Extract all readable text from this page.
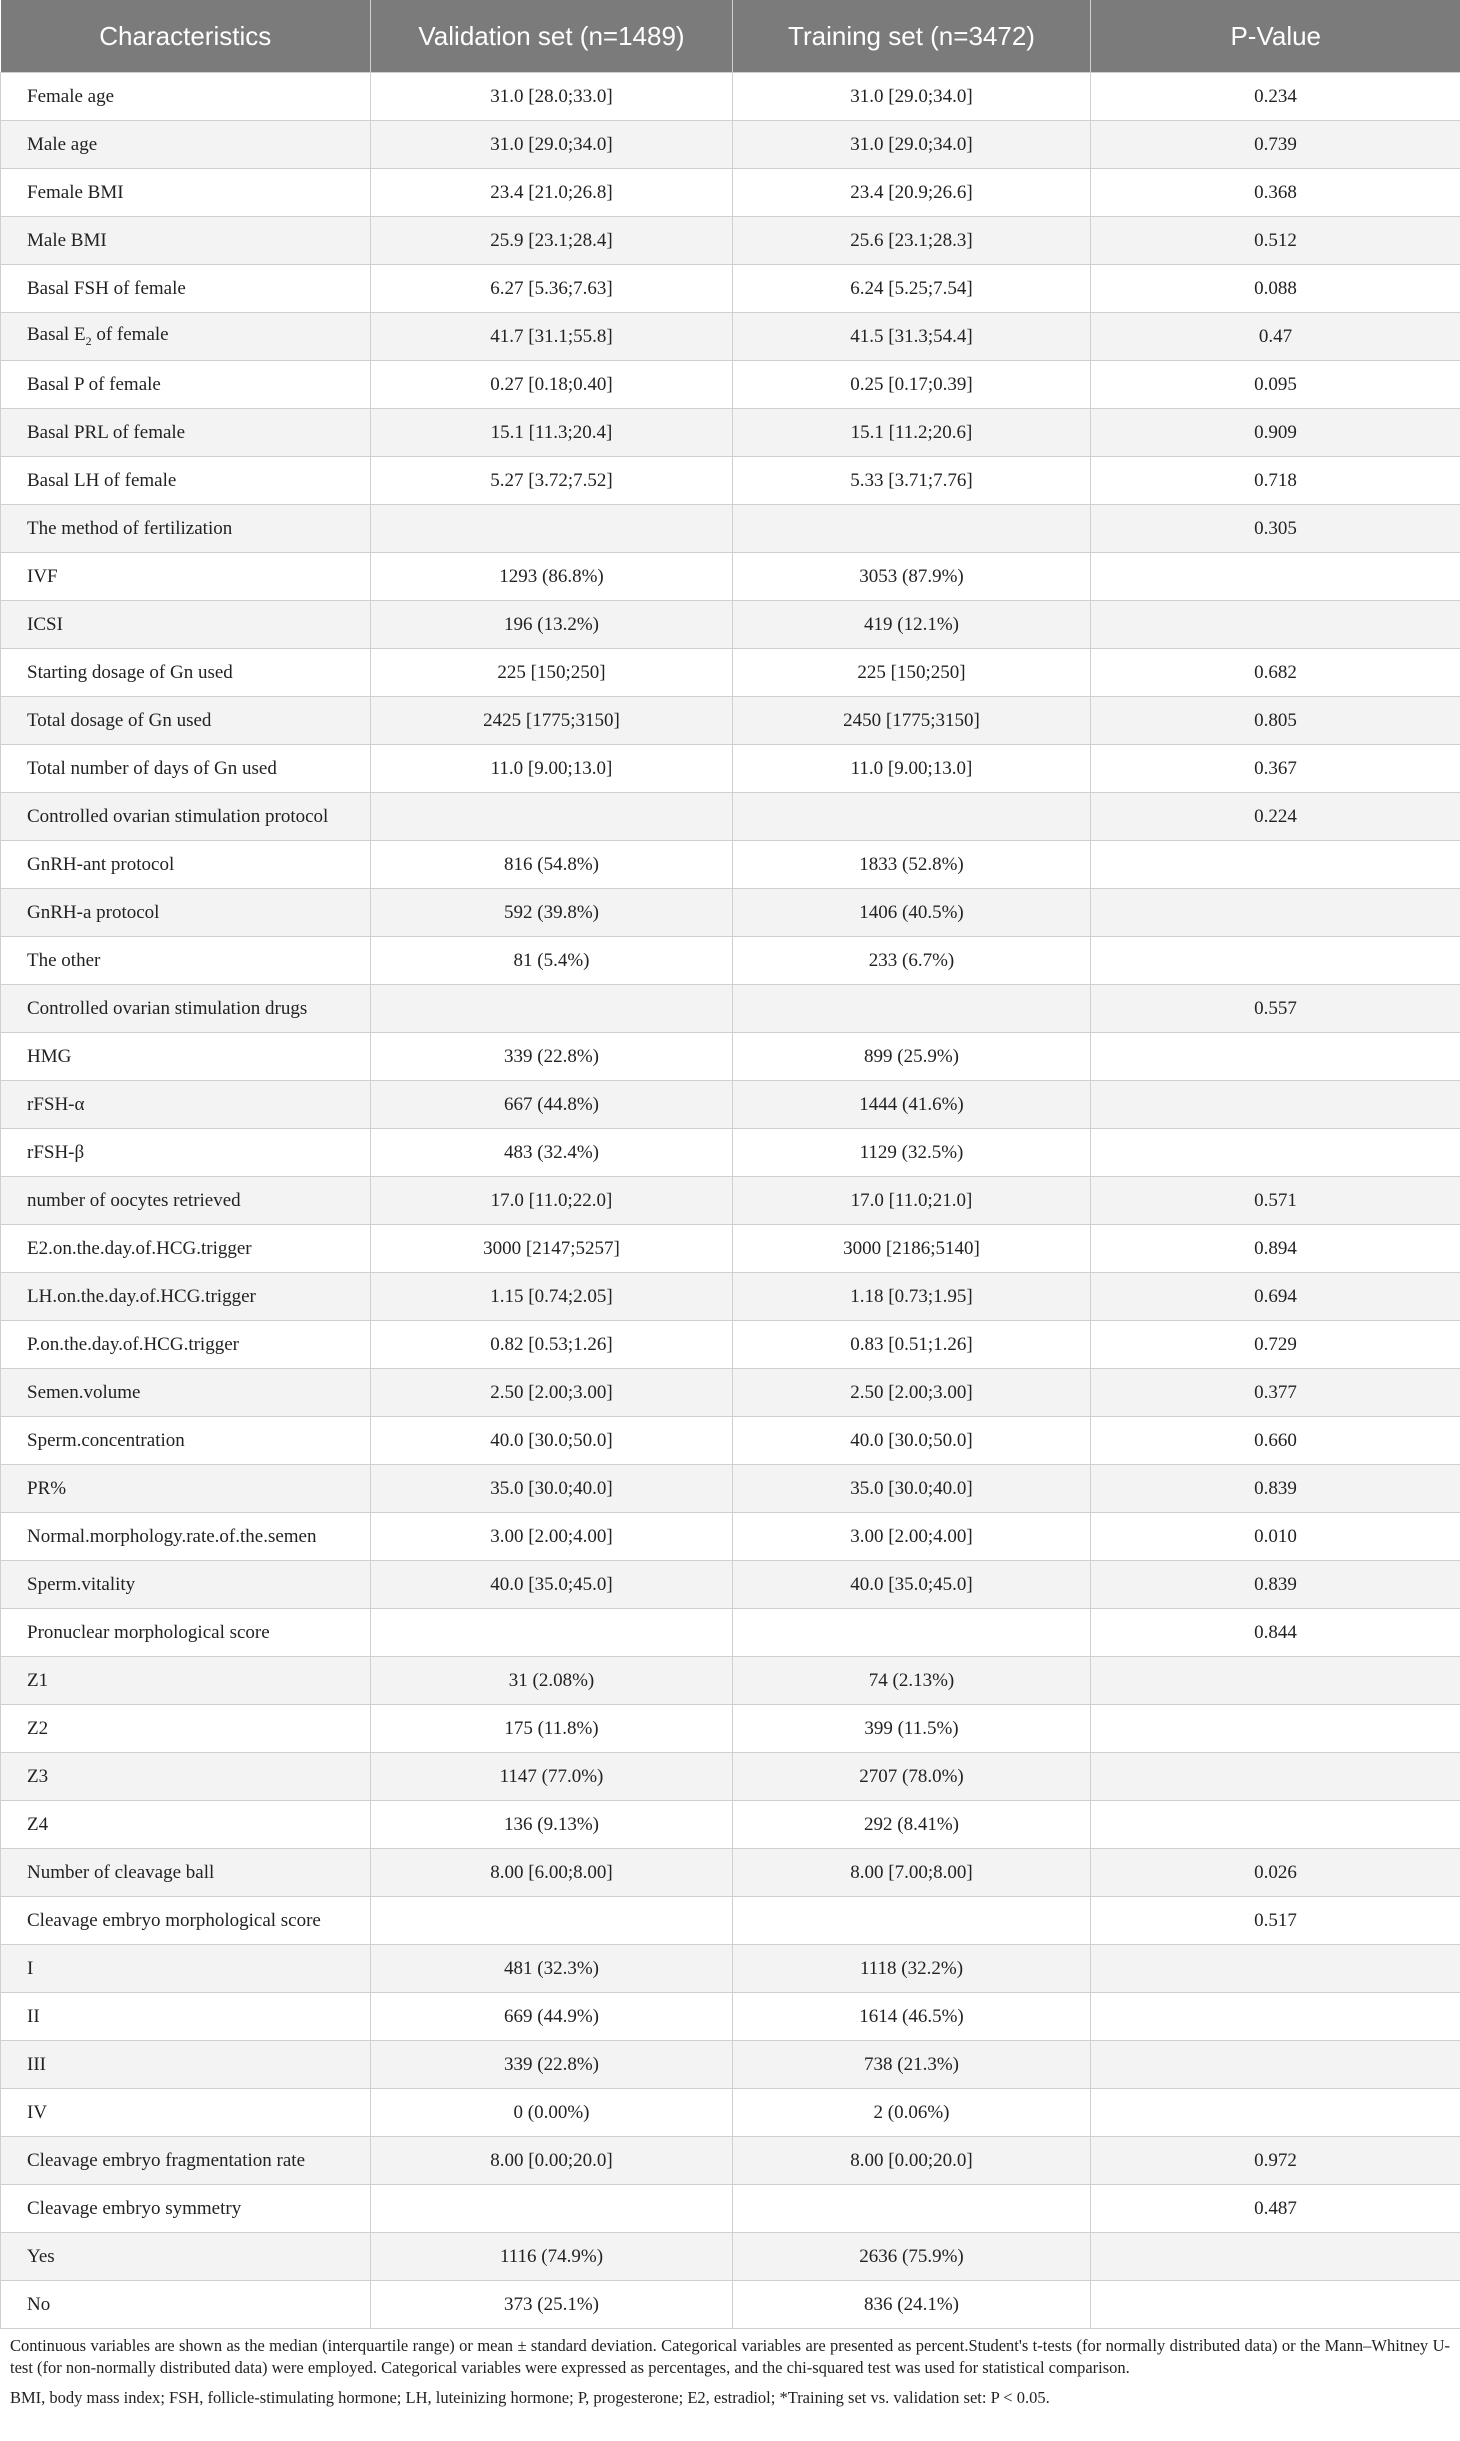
Characteristics	Validation set (n=1489)	Training set (n=3472)	P-Value
Female age	31.0 [28.0;33.0]	31.0 [29.0;34.0]	0.234
Male age	31.0 [29.0;34.0]	31.0 [29.0;34.0]	0.739
Female BMI	23.4 [21.0;26.8]	23.4 [20.9;26.6]	0.368
Male BMI	25.9 [23.1;28.4]	25.6 [23.1;28.3]	0.512
Basal FSH of female	6.27 [5.36;7.63]	6.24 [5.25;7.54]	0.088
Basal $E_2$ of female	41.7 [31.1;55.8]	41.5 [31.3;54.4]	0.47
Basal P of female	0.27 [0.18;0.40]	0.25 [0.17;0.39]	0.095
Basal PRL of female	15.1 [11.3;20.4]	15.1 [11.2;20.6]	0.909
Basal LH of female	5.27 [3.72;7.52]	5.33 [3.71;7.76]	0.718
The method of fertilization			0.305
IVF	1293 (86.8%)	3053 (87.9%)	
ICSI	196 (13.2%)	419 (12.1%)	
Starting dosage of Gn used	225 [150;250]	225 [150;250]	0.682
Total dosage of Gn used	2425 [1775;3150]	2450 [1775;3150]	0.805
Total number of days of Gn used	11.0 [9.00;13.0]	11.0 [9.00;13.0]	0.367
Controlled ovarian stimulation protocol			0.224
GnRH-ant protocol	816 (54.8%)	1833 (52.8%)	
GnRH-a protocol	592 (39.8%)	1406 (40.5%)	
The other	81 (5.4%)	233 (6.7%)	
Controlled ovarian stimulation drugs			0.557
HMG	339 (22.8%)	899 (25.9%)	
rFSH-α	667 (44.8%)	1444 (41.6%)	
rFSH-β	483 (32.4%)	1129 (32.5%)	
number of oocytes retrieved	17.0 [11.0;22.0]	17.0 [11.0;21.0]	0.571
E2.on.the.day.of.HCG.trigger	3000 [2147;5257]	3000 [2186;5140]	0.894
LH.on.the.day.of.HCG.trigger	1.15 [0.74;2.05]	1.18 [0.73;1.95]	0.694
P.on.the.day.of.HCG.trigger	0.82 [0.53;1.26]	0.83 [0.51;1.26]	0.729
Semen.volume	2.50 [2.00;3.00]	2.50 [2.00;3.00]	0.377
Sperm.concentration	40.0 [30.0;50.0]	40.0 [30.0;50.0]	0.660
PR%	35.0 [30.0;40.0]	35.0 [30.0;40.0]	0.839
Normal.morphology.rate.of.the.semen	3.00 [2.00;4.00]	3.00 [2.00;4.00]	0.010
Sperm.vitality	40.0 [35.0;45.0]	40.0 [35.0;45.0]	0.839
Pronuclear morphological score			0.844
Z1	31 (2.08%)	74 (2.13%)	
Z2	175 (11.8%)	399 (11.5%)	
Z3	1147 (77.0%)	2707 (78.0%)	
Z4	136 (9.13%)	292 (8.41%)	
Number of cleavage ball	8.00 [6.00;8.00]	8.00 [7.00;8.00]	0.026
Cleavage embryo morphological score			0.517
I	481 (32.3%)	1118 (32.2%)	
II	669 (44.9%)	1614 (46.5%)	
III	339 (22.8%)	738 (21.3%)	
IV	0 (0.00%)	2 (0.06%)	
Cleavage embryo fragmentation rate	8.00 [0.00;20.0]	8.00 [0.00;20.0]	0.972
Cleavage embryo symmetry			0.487
Yes	1116 (74.9%)	2636 (75.9%)	
No	373 (25.1%)	836 (24.1%)	
Continuous variables are shown as the median (interquartile range) or mean ± standard deviation. Categorical variables are presented as percent.Student's t-tests (for normally distributed data) or the Mann–Whitney U-test (for non-normally distributed data) were employed. Categorical variables were expressed as percentages, and the chi-squared test was used for statistical comparison.
BMI, body mass index; FSH, follicle-stimulating hormone; LH, luteinizing hormone; P, progesterone; E2, estradiol; *Training set vs. validation set: P < 0.05.
